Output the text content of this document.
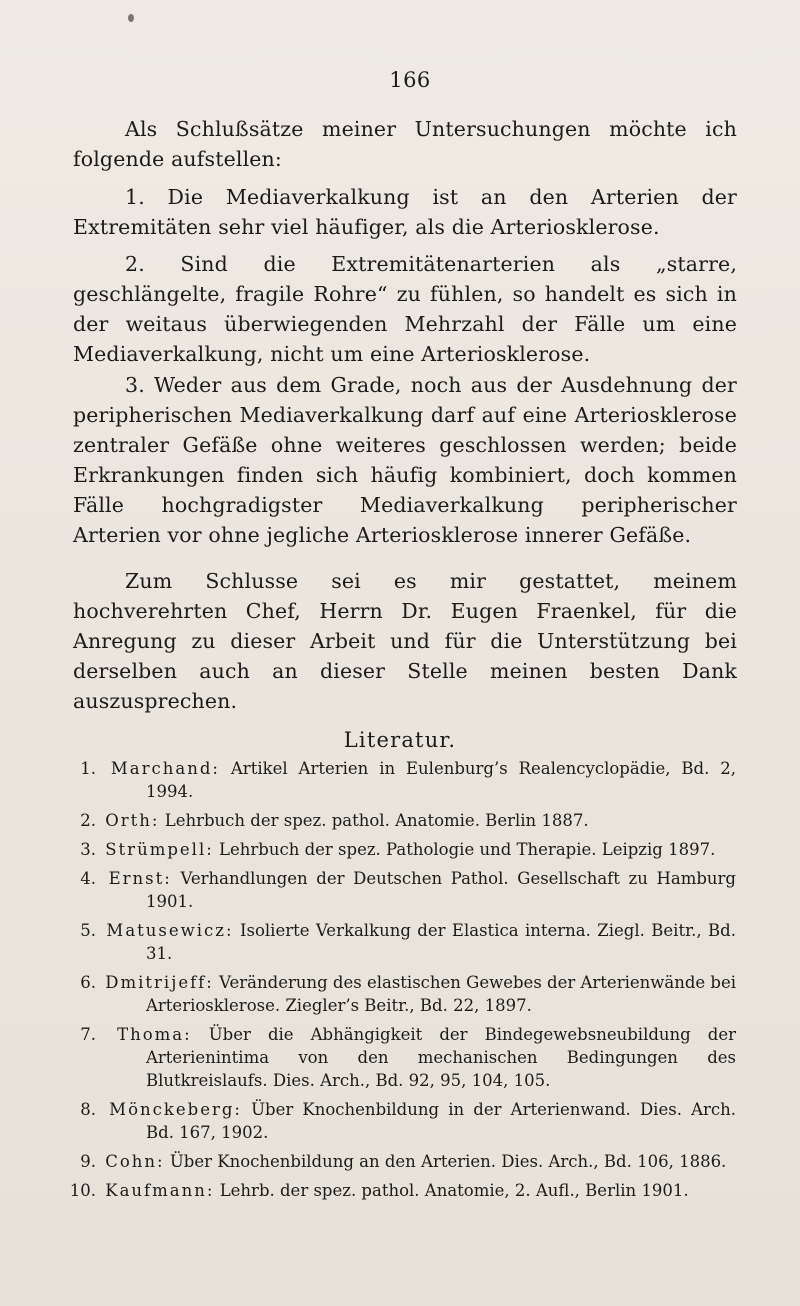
166

Als Schlußsätze meiner Untersuchungen möchte ich folgende aufstellen:

1. Die Mediaverkalkung ist an den Arterien der Extremitäten sehr viel häufiger, als die Arteriosklerose.

2. Sind die Extremitätenarterien als „starre, geschlängelte, fragile Rohre“ zu fühlen, so handelt es sich in der weitaus überwiegenden Mehrzahl der Fälle um eine Mediaverkalkung, nicht um eine Arteriosklerose.

3. Weder aus dem Grade, noch aus der Ausdehnung der peripherischen Mediaverkalkung darf auf eine Arteriosklerose zentraler Gefäße ohne weiteres geschlossen werden; beide Erkrankungen finden sich häufig kombiniert, doch kommen Fälle hochgradigster Mediaverkalkung peripherischer Arterien vor ohne jegliche Arteriosklerose innerer Gefäße.

Zum Schlusse sei es mir gestattet, meinem hochverehrten Chef, Herrn Dr. Eugen Fraenkel, für die Anregung zu dieser Arbeit und für die Unterstützung bei derselben auch an dieser Stelle meinen besten Dank auszusprechen.

Literatur.
1. Marchand: Artikel Arterien in Eulenburg’s Realencyclopädie, Bd. 2, 1994.
2. Orth: Lehrbuch der spez. pathol. Anatomie. Berlin 1887.
3. Strümpell: Lehrbuch der spez. Pathologie und Therapie. Leipzig 1897.
4. Ernst: Verhandlungen der Deutschen Pathol. Gesellschaft zu Hamburg 1901.
5. Matusewicz: Isolierte Verkalkung der Elastica interna. Ziegl. Beitr., Bd. 31.
6. Dmitrijeff: Veränderung des elastischen Gewebes der Arterienwände bei Arteriosklerose. Ziegler’s Beitr., Bd. 22, 1897.
7. Thoma: Über die Abhängigkeit der Bindegewebsneubildung der Arterienintima von den mechanischen Bedingungen des Blutkreislaufs. Dies. Arch., Bd. 92, 95, 104, 105.
8. Mönckeberg: Über Knochenbildung in der Arterienwand. Dies. Arch. Bd. 167, 1902.
9. Cohn: Über Knochenbildung an den Arterien. Dies. Arch., Bd. 106, 1886.
10. Kaufmann: Lehrb. der spez. pathol. Anatomie, 2. Aufl., Berlin 1901.
